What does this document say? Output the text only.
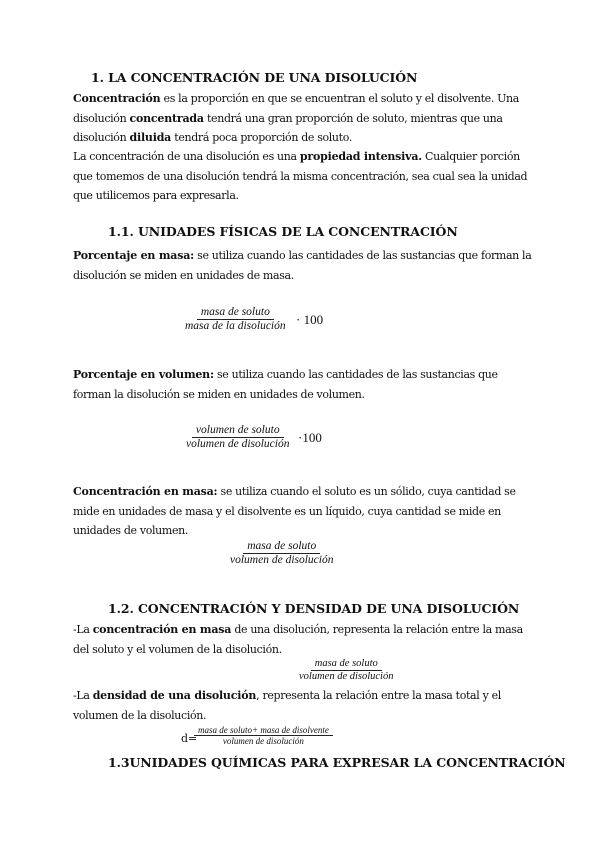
1. LA CONCENTRACIÓN DE UNA DISOLUCIÓN

Concentración es la proporción en que se encuentran el soluto y el disolvente. Una disolución concentrada tendrá una gran proporción de soluto, mientras que una disolución diluida tendrá poca proporción de soluto.

La concentración de una disolución es una propiedad intensiva. Cualquier porción que tomemos de una disolución tendrá la misma concentración, sea cual sea la unidad que utilicemos para expresarla.

1.1. UNIDADES FÍSICAS DE LA CONCENTRACIÓN

Porcentaje en masa: se utiliza cuando las cantidades de las sustancias que forman la disolución se miden en unidades de masa.

masa de soluto
masa de la disolución · 100

Porcentaje en volumen: se utiliza cuando las cantidades de las sustancias que forman la disolución se miden en unidades de volumen.

volumen de soluto
volumen de disolución ·100

Concentración en masa: se utiliza cuando el soluto es un sólido, cuya cantidad se mide en unidades de masa y el disolvente es un líquido, cuya cantidad se mide en unidades de volumen.

masa de soluto
volumen de disolución
1.2. CONCENTRACIÓN Y DENSIDAD DE UNA DISOLUCIÓN

-La concentración en masa de una disolución, representa la relación entre la masa del soluto y el volumen de la disolución.

masa de soluto
volumen de disolución

-La densidad de una disolución, representa la relación entre la masa total y el volumen de la disolución.

d=
masa de soluto+ masa de disolvente
volumen de disolución
1.3UNIDADES QUÍMICAS PARA EXPRESAR LA CONCENTRACIÓN
